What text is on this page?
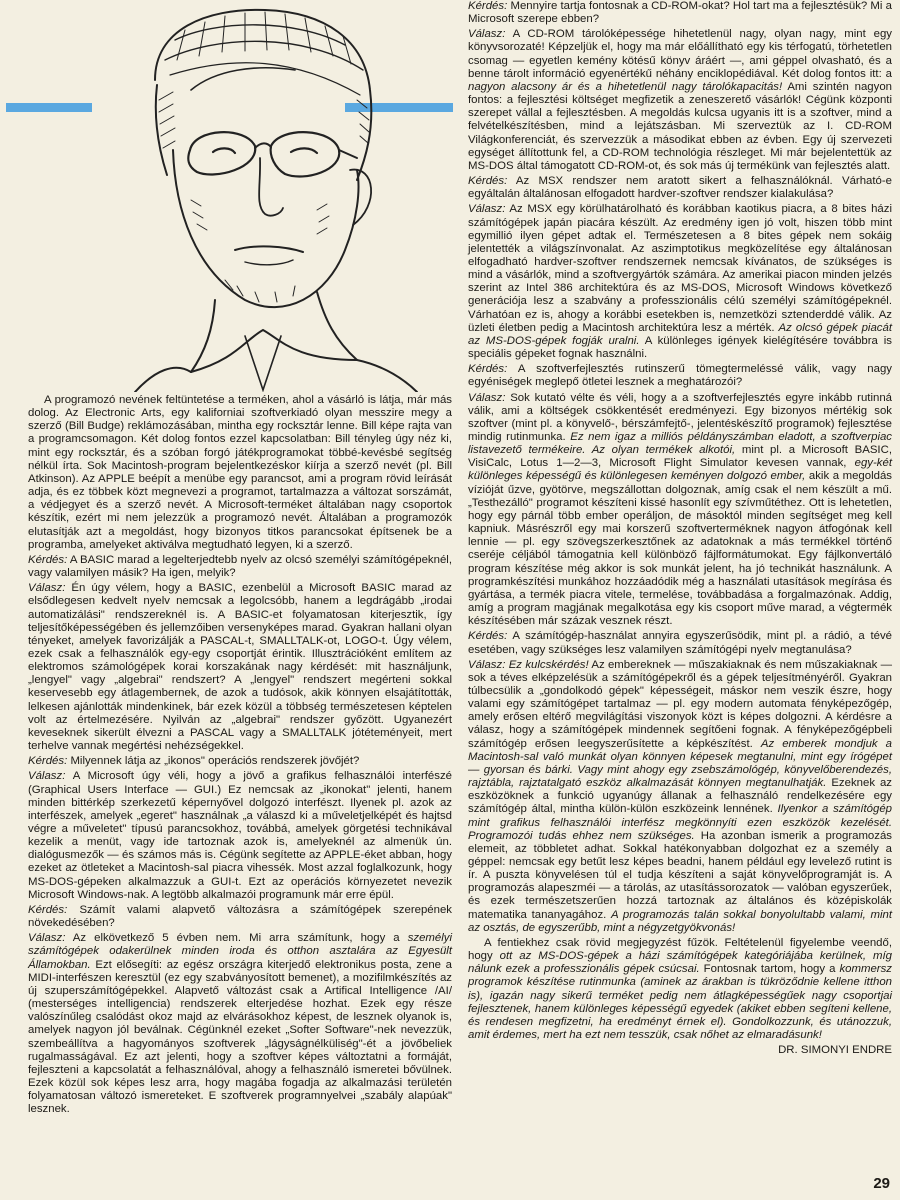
A programozó nevének feltüntetése a terméken, ahol a vásárló is látja, már más dolog. Az Electronic Arts, egy kaliforniai szoftverkiadó olyan messzire megy a szerző (Bill Budge) reklámozásában, mintha egy rocksztár lenne. Bill képe rajta van a programcsomagon. Két dolog fontos ezzel kapcsolatban: Bill tényleg úgy néz ki, mint egy rocksztár, és a szóban forgó játékprogramokat többé-kevésbé segítség nélkül írta. Sok Macintosh-program bejelentkezéskor kiírja a szerző nevét (pl. Bill Atkinson). Az APPLE beépít a menübe egy parancsot, ami a program rövid leírását adja, és ez többek közt megnevezi a programot, tartalmazza a változat sorszámát, a védjegyet és a szerző nevét. A Microsoft-terméket általában nagy csoportok készítik, ezért mi nem jelezzük a programozó nevét. Általában a programozók elutasítják azt a megoldást, hogy bizonyos titkos parancsokat építsenek be a programba, amelyeket aktiválva megtudható legyen, ki a szerző.

Kérdés: A BASIC marad a legelterjedtebb nyelv az olcsó személyi számítógépeknél, vagy valamilyen másik? Ha igen, melyik?

Válasz: Én úgy vélem, hogy a BASIC, ezenbelül a Microsoft BASIC marad az elsődlegesen kedvelt nyelv nemcsak a legolcsóbb, hanem a legdrágább „irodai automatizálási" rendszereknél is. A BASIC-et folyamatosan kiterjesztik, így teljesítőképességében és jellemzőiben versenyképes marad. Gyakran hallani olyan tényeket, amelyek favorizálják a PASCAL-t, SMALLTALK-ot, LOGO-t. Úgy vélem, ezek csak a felhasználók egy-egy csoportját érintik. Illusztrációként említem az elektromos számológépek korai korszakának nagy kérdését: mit használjunk, „lengyel" vagy „algebrai" rendszert? A „lengyel" rendszert megérteni sokkal keservesebb egy átlagembernek, de azok a tudósok, akik könnyen elsajátították, lelkesen ajánlották mindenkinek, bár ezek közül a többség természetesen képtelen volt az értelmezésére. Nyilván az „algebrai" rendszer győzött. Ugyanezért keveseknek sikerült élvezni a PASCAL vagy a SMALLTALK jótéteményeit, mert terhelve vannak megértési nehézségekkel.

Kérdés: Milyennek látja az „ikonos" operációs rendszerek jövőjét?

Válasz: A Microsoft úgy véli, hogy a jövő a grafikus felhasználói interfészé (Graphical Users Interface — GUI.) Ez nemcsak az „ikonokat" jelenti, hanem minden bittérkép szerkezetű képernyővel dolgozó interfészt. Ilyenek pl. azok az interfészek, amelyek „egeret" használnak „a válaszd ki a műveletjelképét és hajtsd végre a műveletet" típusú parancsokhoz, továbbá, amelyek görgetési technikával kezelik a menüt, vagy ide tartoznak azok is, amelyeknél az almenük ún. dialógusmezők — és számos más is. Cégünk segítette az APPLE-éket abban, hogy ezeket az ötleteket a Macintosh-sal piacra vihessék. Most azzal foglalkozunk, hogy MS-DOS-gépeken alkalmazzuk a GUI-t. Ezt az operációs környezetet nevezik Microsoft Windows-nak. A legtöbb alkalmazói programunk már erre épül.

Kérdés: Számít valami alapvető változásra a számítógépek szerepének növekedésében?

Válasz: Az elkövetkező 5 évben nem. Mi arra számítunk, hogy a személyi számítógépek odakerülnek minden iroda és otthon asztalára az Egyesült Államokban. Ezt elősegíti: az egész országra kiterjedő elektronikus posta, zene a MIDI-interfészen keresztül (ez egy szabványosított bemenet), a mozifilmkészítés az új szuperszámítógépekkel. Alapvető változást csak a Artifical Intelligence /AI/ (mesterséges intelligencia) rendszerek elterjedése hozhat. Ezek egy része valószínűleg csalódást okoz majd az elvárásokhoz képest, de lesznek olyanok is, amelyek nagyon jól beválnak. Cégünknél ezeket „Softer Software"-nek nevezzük, szembeállítva a hagyományos szoftverek „lágyságnélküliség"-ét a jövőbeliek rugalmasságával. Ez azt jelenti, hogy a szoftver képes változtatni a formáját, fejleszteni a kapcsolatát a felhasználóval, ahogy a felhasználó ismeretei bővülnek. Ezek közül sok képes lesz arra, hogy magába fogadja az alkalmazási területén folyamatosan változó ismereteket. E szoftverek programnyelvei „szabály alapúak" lesznek.

Kérdés: Mennyire tartja fontosnak a CD-ROM-okat? Hol tart ma a fejlesztésük? Mi a Microsoft szerepe ebben?

Válasz: A CD-ROM tárolóképessége hihetetlenül nagy, olyan nagy, mint egy könyvsorozaté! Képzeljük el, hogy ma már előállítható egy kis térfogatú, törhetetlen csomag — egyetlen kemény kötésű könyv áráért —, ami géppel olvasható, és a benne tárolt információ egyenértékű néhány enciklopédiával. Két dolog fontos itt: a nagyon alacsony ár és a hihetetlenül nagy tárolókapacitás! Ami szintén nagyon fontos: a fejlesztési költséget megfizetik a zeneszerető vásárlók! Cégünk központi szerepet vállal a fejlesztésben. A megoldás kulcsa ugyanis itt is a szoftver, mind a felvételkészítésben, mind a lejátszásban. Mi szerveztük az I. CD-ROM Világkonferenciát, és szervezzük a másodikat ebben az évben. Egy új szervezeti egységet állítottunk fel, a CD-ROM technológia részleget. Mi már bejelentettük az MS-DOS által támogatott CD-ROM-ot, és sok más új termékünk van fejlesztés alatt.

Kérdés: Az MSX rendszer nem aratott sikert a felhasználóknál. Várható-e egyáltalán általánosan elfogadott hardver-szoftver rendszer kialakulása?

Válasz: Az MSX egy körülhatárolható és korábban kaotikus piacra, a 8 bites házi számítógépek japán piacára készült. Az eredmény igen jó volt, hiszen több mint egymillió ilyen gépet adtak el. Természetesen a 8 bites gépek nem sokáig jelentették a világszínvonalat. Az aszimptotikus megközelítése egy általánosan elfogadható hardver-szoftver rendszernek nemcsak kívánatos, de szükséges is mind a vásárlók, mind a szoftvergyártók számára. Az amerikai piacon minden jelzés szerint az Intel 386 architektúra és az MS-DOS, Microsoft Windows következő generációja lesz a szabvány a professzionális célú személyi számítógépeknél. Várhatóan ez is, ahogy a korábbi esetekben is, nemzetközi sztenderddé válik. Az üzleti életben pedig a Macintosh architektúra lesz a mérték. Az olcsó gépek piacát az MS-DOS-gépek fogják uralni. A különleges igények kielégítésére továbbra is speciális gépeket fognak használni.

Kérdés: A szoftverfejlesztés rutinszerű tömegtermeléssé válik, vagy nagy egyéniségek meglepő ötletei lesznek a meghatározói?

Válasz: Sok kutató vélte és véli, hogy a a szoftverfejlesztés egyre inkább rutinná válik, ami a költségek csökkentését eredményezi. Egy bizonyos mértékig sok szoftver (mint pl. a könyvelő-, bérszámfejtő-, jelentéskészítő programok) fejlesztése mindig rutinmunka. Ez nem igaz a milliós példányszámban eladott, a szoftverpiac listavezető termékeire. Az olyan termékek alkotói, mint pl. a Microsoft BASIC, VisiCalc, Lotus 1—2—3, Microsoft Flight Simulator kevesen vannak, egy-két különleges képességű és különlegesen keményen dolgozó ember, akik a megoldás vízióját űzve, gyötörve, megszállottan dolgoznak, amíg csak el nem készült a mű. „Testhezálló" programot készíteni kissé hasonlít egy szívműtéthez. Ott is lehetetlen, hogy egy párnál több ember operáljon, de másoktól minden segítséget meg kell kapniuk. Másrészről egy mai korszerű szoftverterméknek nagyon átfogónak kell lennie — pl. egy szövegszerkesztőnek az adatoknak a más termékkel történő cseréje céljából támogatnia kell különböző fájlformátumokat. Egy fájlkonvertáló program készítése még akkor is sok munkát jelent, ha jó technikát használunk. A programkészítési munkához hozzáadódik még a használati utasítások megírása és gyártása, a termék piacra vitele, termelése, továbbadása a forgalmazónak. Addig, amíg a program magjának megalkotása egy kis csoport műve marad, a végtermék készítésében már százak vesznek részt.

Kérdés: A számítógép-használat annyira egyszerűsödik, mint pl. a rádió, a tévé esetében, vagy szükséges lesz valamilyen számítógépi nyelv megtanulása?

Válasz: Ez kulcskérdés! Az embereknek — műszakiaknak és nem műszakiaknak — sok a téves elképzelésük a számítógépekről és a gépek teljesítményéről. Gyakran túlbecsülik a „gondolkodó gépek" képességeit, máskor nem veszik észre, hogy valami egy számítógépet tartalmaz — pl. egy modern automata fényképezőgép, amely erősen eltérő megvilágítási viszonyok közt is képes dolgozni. A kérdésre a válasz, hogy a számítógépek mindennek segítőeni fognak. A fényképezőgépbeli számítógép erősen leegyszerűsítette a képkészítést. Az emberek mondjuk a Macintosh-sal való munkát olyan könnyen képesek megtanulni, mint egy írógépet — gyorsan és bárki. Vagy mint ahogy egy zsebszámológép, könyvelőberendezés, rajztábla, rajztatalgató eszköz alkalmazását könnyen megtanulhatják. Ezeknek az eszközöknek a funkció ugyanúgy állanak a felhasználó rendelkezésére egy számítógép által, mintha külön-külön eszközeink lennének. Ilyenkor a számítógép mint grafikus felhasználói interfész megkönnyíti ezen eszközök kezelését. Programozói tudás ehhez nem szükséges. Ha azonban ismerik a programozás elemeit, az többletet adhat. Sokkal hatékonyabban dolgozhat ez a személy a géppel: nemcsak egy betűt lesz képes beadni, hanem például egy levelező rutint is ír. A puszta könyvelésen túl el tudja készíteni a saját könyvelőprogramját is. A programozás alapeszméi — a tárolás, az utasítássorozatok — valóban egyszerűek, és ezek természetszerűen hozzá tartoznak az általános és középiskolák matematika tananyagához. A programozás talán sokkal bonyolultabb valami, mint az osztás, de egyszerűbb, mint a négyzetgyökvonás!

A fentiekhez csak rövid megjegyzést fűzök. Feltételenül figyelembe veendő, hogy ott az MS-DOS-gépek a házi számítógépek kategóriájába kerülnek, míg nálunk ezek a professzionális gépek csúcsai. Fontosnak tartom, hogy a kommersz programok készítése rutinmunka (aminek az árakban is tükröződnie kellene itthon is), igazán nagy sikerű terméket pedig nem átlagképességűek nagy csoportjai fejlesztenek, hanem különleges képességű egyedek (akiket ebben segíteni kellene, és rendesen megfizetni, ha eredményt érnek el). Gondolkozzunk, és utánozzuk, amit érdemes, mert ha ezt nem tesszük, csak nőhet az elmaradásunk!

DR. SIMONYI ENDRE
29
